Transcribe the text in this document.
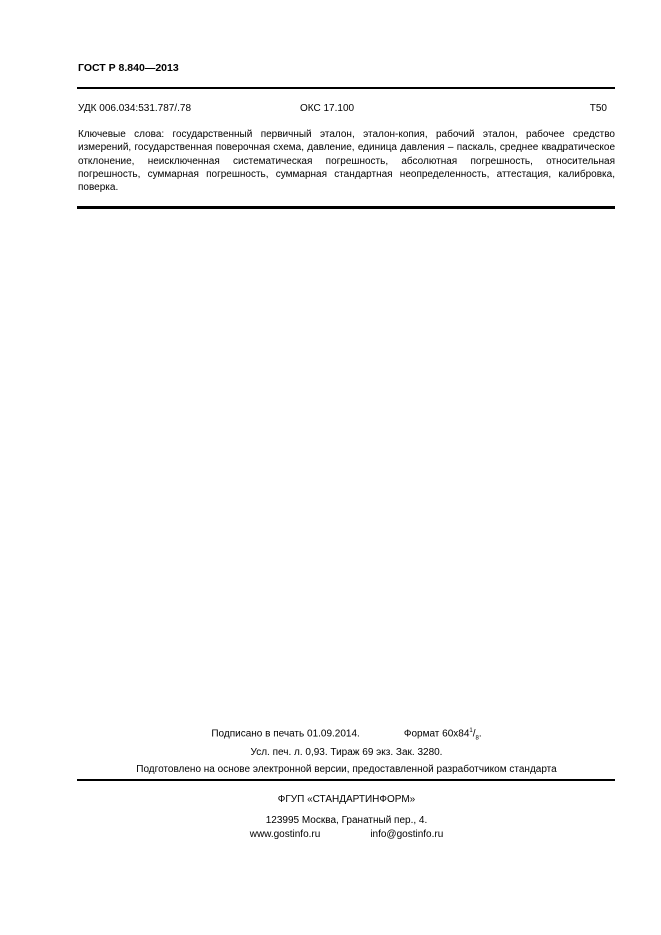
ГОСТ Р 8.840—2013
УДК 006.034:531.787/.78	ОКС 17.100	Т50
Ключевые слова: государственный первичный эталон, эталон-копия, рабочий эталон, рабочее средство измерений, государственная поверочная схема, давление, единица давления – паскаль, среднее квадратическое отклонение, неисключенная систематическая погрешность, абсолютная погрешность, относительная погрешность, суммарная погрешность, суммарная стандартная неопределенность, аттестация, калибровка, поверка.
Подписано в печать 01.09.2014.	Формат $60х84^1/_8$.
Усл. печ. л. 0,93. Тираж 69 экз. Зак. 3280.
Подготовлено на основе электронной версии, предоставленной разработчиком стандарта
ФГУП «СТАНДАРТИНФОРМ»
123995 Москва, Гранатный пер., 4.
www.gostinfo.ru	info@gostinfo.ru
